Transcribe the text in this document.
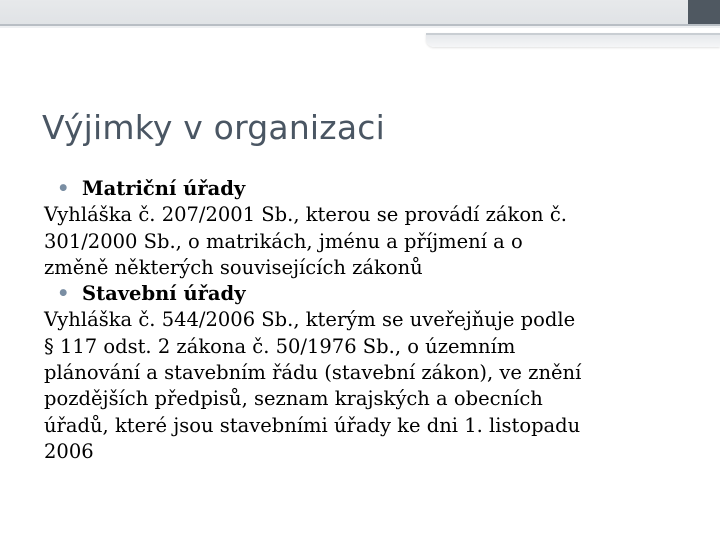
Výjimky v organizaci
• Matriční úřady

Vyhláška č. 207/2001 Sb., kterou se provádí zákon č.
301/2000 Sb., o matrikách, jménu a příjmení a o
změně některých souvisejících zákonů

• Stavební úřady

Vyhláška č. 544/2006 Sb., kterým se uveřejňuje podle
§ 117 odst. 2 zákona č. 50/1976 Sb., o územním
plánování a stavebním řádu (stavební zákon), ve znění
pozdějších předpisů, seznam krajských a obecních
úřadů, které jsou stavebními úřady ke dni 1. listopadu
2006
